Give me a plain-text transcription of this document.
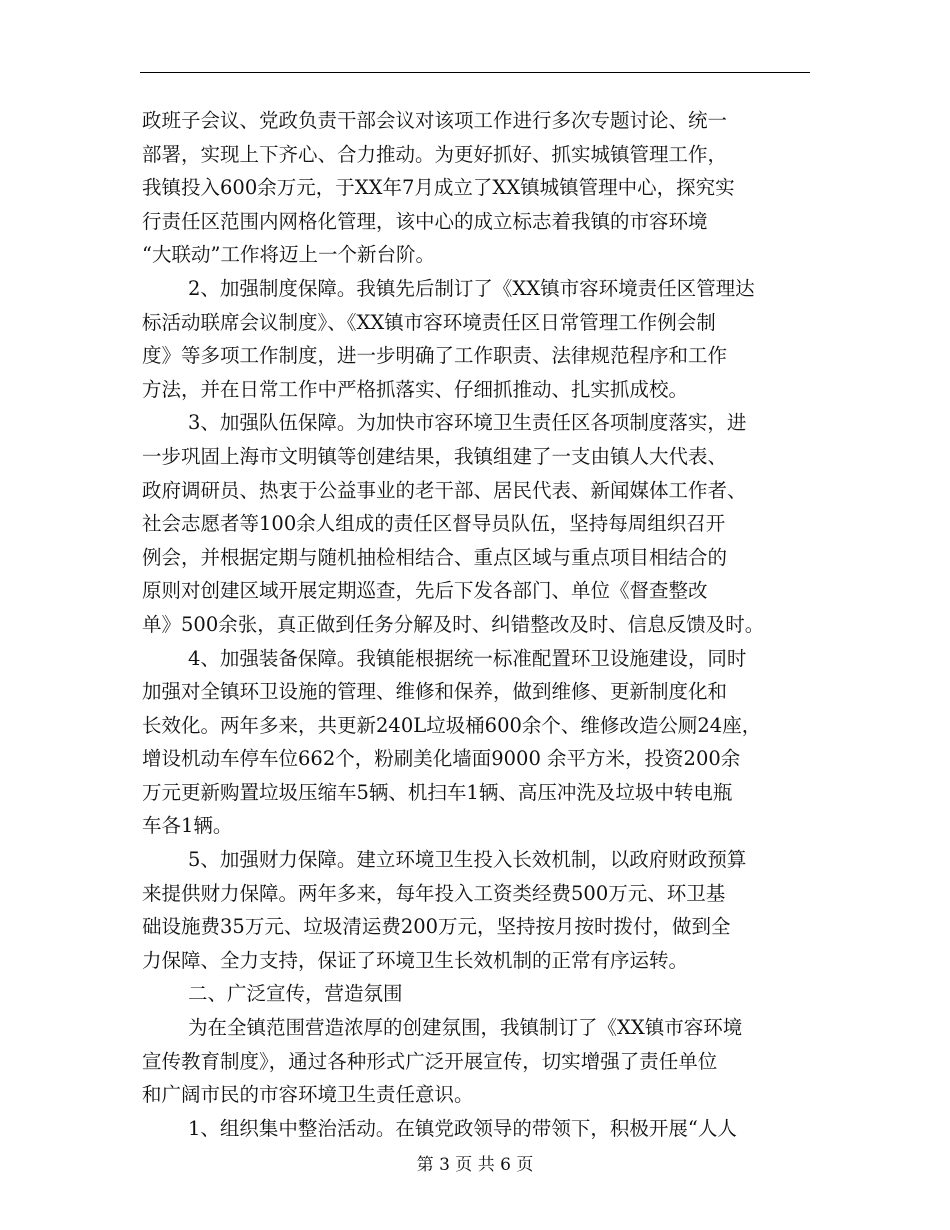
政班子会议、党政负责干部会议对该项工作进行多次专题讨论、统一
部署，实现上下齐心、合力推动。为更好抓好、抓实城镇管理工作，
我镇投入600余万元，于XX年7月成立了XX镇城镇管理中心，探究实
行责任区范围内网格化管理，该中心的成立标志着我镇的市容环境
“大联动”工作将迈上一个新台阶。
2、加强制度保障。我镇先后制订了《XX镇市容环境责任区管理达
标活动联席会议制度》、《XX镇市容环境责任区日常管理工作例会制
度》等多项工作制度，进一步明确了工作职责、法律规范程序和工作
方法，并在日常工作中严格抓落实、仔细抓推动、扎实抓成校。
3、加强队伍保障。为加快市容环境卫生责任区各项制度落实，进
一步巩固上海市文明镇等创建结果，我镇组建了一支由镇人大代表、
政府调研员、热衷于公益事业的老干部、居民代表、新闻媒体工作者、
社会志愿者等100余人组成的责任区督导员队伍，坚持每周组织召开
例会，并根据定期与随机抽检相结合、重点区域与重点项目相结合的
原则对创建区域开展定期巡查，先后下发各部门、单位《督查整改
单》500余张，真正做到任务分解及时、纠错整改及时、信息反馈及时。
4、加强装备保障。我镇能根据统一标准配置环卫设施建设，同时
加强对全镇环卫设施的管理、维修和保养，做到维修、更新制度化和
长效化。两年多来，共更新240L垃圾桶600余个、维修改造公厕24座，
增设机动车停车位662个，粉刷美化墙面9000 余平方米，投资200余
万元更新购置垃圾压缩车5辆、机扫车1辆、高压冲洗及垃圾中转电瓶
车各1辆。
5、加强财力保障。建立环境卫生投入长效机制，以政府财政预算
来提供财力保障。两年多来，每年投入工资类经费500万元、环卫基
础设施费35万元、垃圾清运费200万元，坚持按月按时拨付，做到全
力保障、全力支持，保证了环境卫生长效机制的正常有序运转。
二、广泛宣传，营造氛围
为在全镇范围营造浓厚的创建氛围，我镇制订了《XX镇市容环境
宣传教育制度》，通过各种形式广泛开展宣传，切实增强了责任单位
和广阔市民的市容环境卫生责任意识。
1、组织集中整治活动。在镇党政领导的带领下，积极开展“人人
第 3 页 共 6 页
